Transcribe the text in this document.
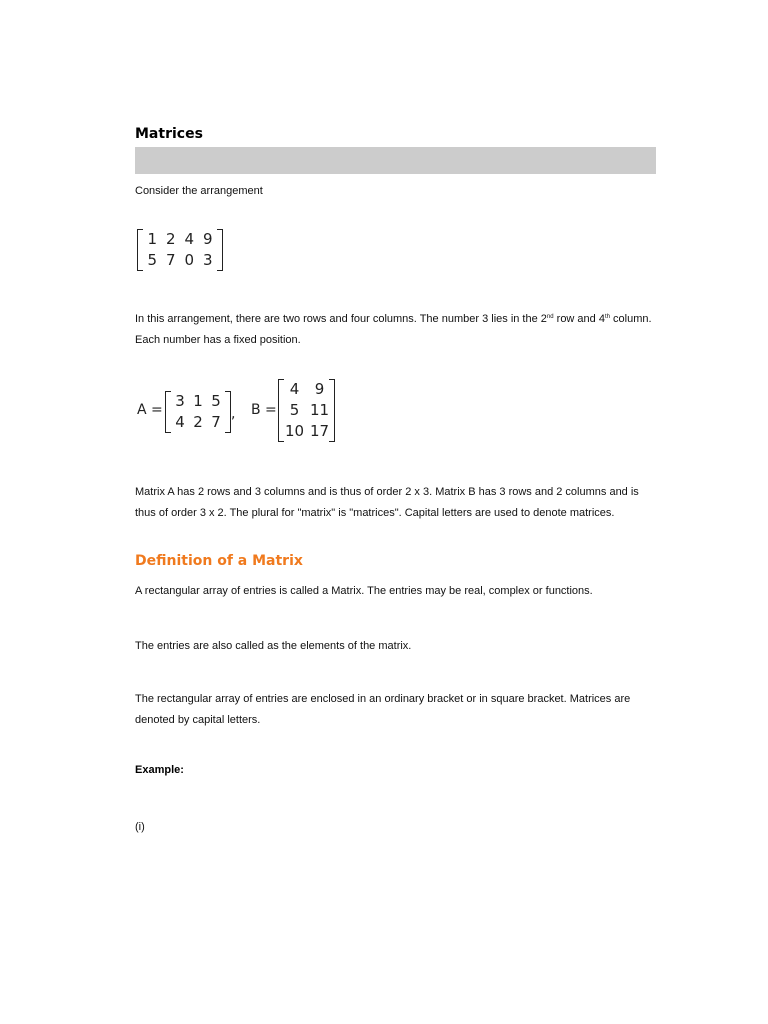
Matrices

Consider the arrangement

1	2	4	9
5	7	0	3

In this arrangement, there are two rows and four columns. The number 3 lies in the 2nd row and 4th column. Each number has a fixed position.

A = 3	1	5
4	2	7 , B =
4	9
5	11
10	17

Matrix A has 2 rows and 3 columns and is thus of order 2 x 3. Matrix B has 3 rows and 2 columns and is thus of order 3 x 2. The plural for "matrix" is "matrices". Capital letters are used to denote matrices.

Definition of a Matrix

A rectangular array of entries is called a Matrix. The entries may be real, complex or functions.

The entries are also called as the elements of the matrix.

The rectangular array of entries are enclosed in an ordinary bracket or in square bracket. Matrices are denoted by capital letters.

Example:

(i)
